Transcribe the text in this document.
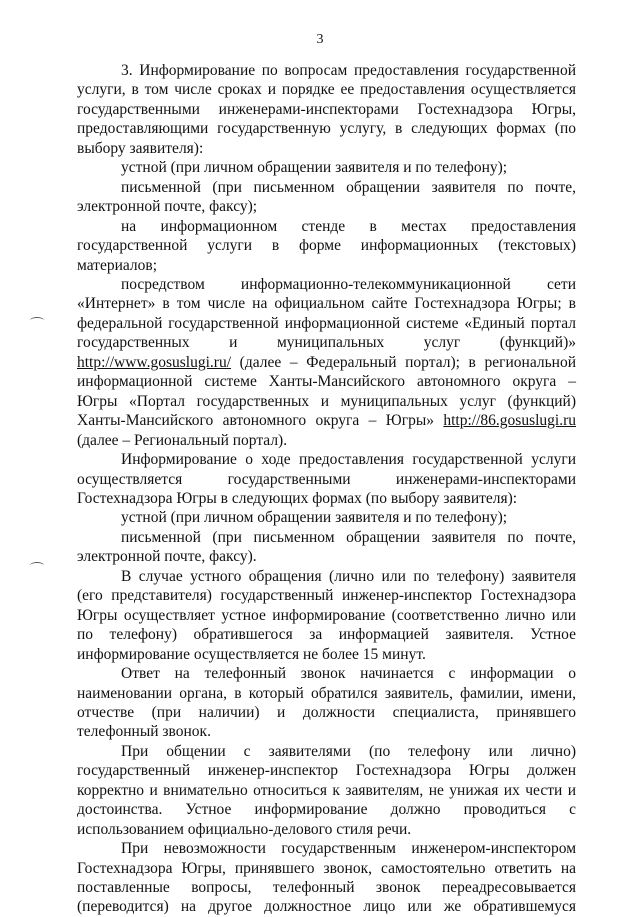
3

3. Информирование по вопросам предоставления государственной услуги, в том числе сроках и порядке ее предоставления осуществляется государственными инженерами-инспекторами Гостехнадзора Югры, предоставляющими государственную услугу, в следующих формах (по выбору заявителя):

устной (при личном обращении заявителя и по телефону);

письменной (при письменном обращении заявителя по почте, электронной почте, факсу);

на информационном стенде в местах предоставления государственной услуги в форме информационных (текстовых) материалов;

посредством информационно-телекоммуникационной сети «Интернет» в том числе на официальном сайте Гостехнадзора Югры; в федеральной государственной информационной системе «Единый портал государственных и муниципальных услуг (функций)» http://www.gosuslugi.ru/ (далее – Федеральный портал); в региональной информационной системе Ханты-Мансийского автономного округа – Югры «Портал государственных и муниципальных услуг (функций) Ханты-Мансийского автономного округа – Югры» http://86.gosuslugi.ru (далее – Региональный портал).

Информирование о ходе предоставления государственной услуги осуществляется государственными инженерами-инспекторами Гостехнадзора Югры в следующих формах (по выбору заявителя):

устной (при личном обращении заявителя и по телефону);

письменной (при письменном обращении заявителя по почте, электронной почте, факсу).

В случае устного обращения (лично или по телефону) заявителя (его представителя) государственный инженер-инспектор Гостехнадзора Югры осуществляет устное информирование (соответственно лично или по телефону) обратившегося за информацией заявителя. Устное информирование осуществляется не более 15 минут.

Ответ на телефонный звонок начинается с информации о наименовании органа, в который обратился заявитель, фамилии, имени, отчестве (при наличии) и должности специалиста, принявшего телефонный звонок.

При общении с заявителями (по телефону или лично) государственный инженер-инспектор Гостехнадзора Югры должен корректно и внимательно относиться к заявителям, не унижая их чести и достоинства. Устное информирование должно проводиться с использованием официально-делового стиля речи.

При невозможности государственным инженером-инспектором Гостехнадзора Югры, принявшего звонок, самостоятельно ответить на поставленные вопросы, телефонный звонок переадресовывается (переводится) на другое должностное лицо или же обратившемуся
